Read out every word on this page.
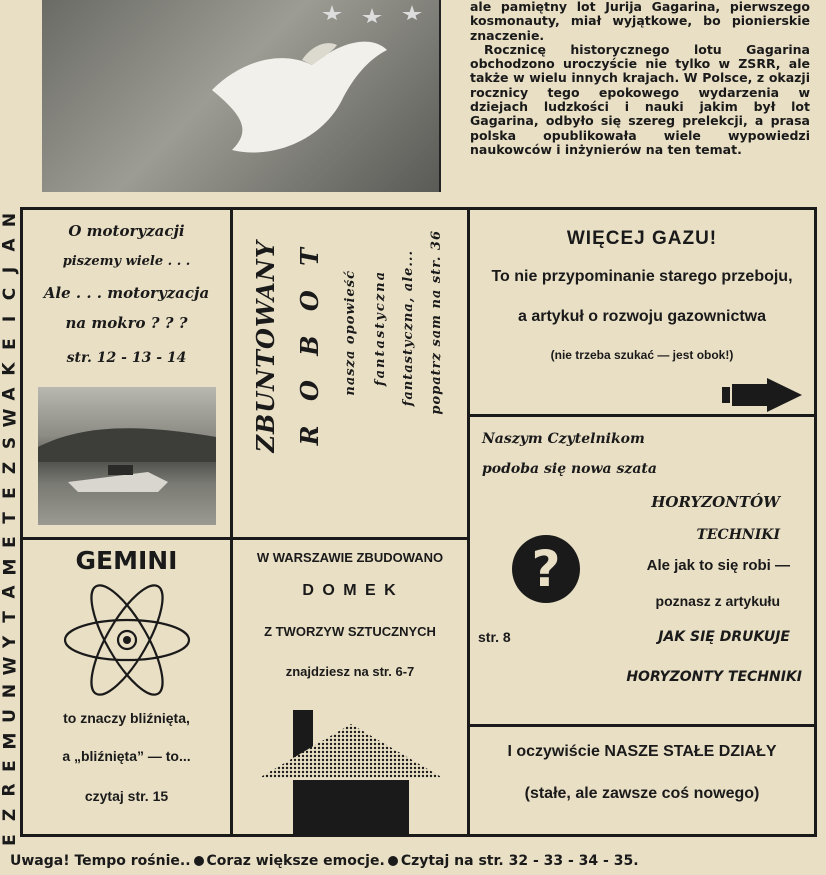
ale pamiętny lot Jurija Gagarina, pierwszego kosmonauty, miał wyjątkowe, bo pionierskie znaczenie.

Rocznicę historycznego lotu Gagarina obchodzono uroczyście nie tylko w ZSRR, ale także w wielu innych krajach. W Polsce, z okazji rocznicy tego epokowego wydarzenia w dziejach ludzkości i nauki jakim był lot Gagarina, odbyło się szereg prelekcji, a prasa polska opublikowała wiele wypowiedzi naukowców i inżynierów na ten temat.

N
A
J
C
I
E
K
A
W
S
Z
E
T
E
M
A
T
Y
W
N
U
M
E
R
Z
E
O motoryzacji
piszemy wiele . . .
Ale . . . motoryzacja
na mokro ? ? ?
str. 12 - 13 - 14	ZBUNTOWANY R O B O T nasza opowieść fantastyczna fantastyczna, ale... popatrz sam na str. 36	WIĘCEJ GAZU!
To nie przypominanie starego przeboju,
a artykuł o rozwoju gazownictwa
(nie trzeba szukać — jest obok!)
Naszym Czytelnikom
podoba się nowa szata
HORYZONTÓW
TECHNIKI
?	Ale jak to się robi —
poznasz z artykułu
str. 8	JAK SIĘ DRUKUJE
HORYZONTY TECHNIKI
GEMINI
to znaczy bliźnięta,
a „bliźnięta” — to...
czytaj str. 15
W WARSZAWIE ZBUDOWANO
D O M E K
Z TWORZYW SZTUCZNYCH
znajdziesz na str. 6-7
I oczywiście NASZE STAŁE DZIAŁY
(stałe, ale zawsze coś nowego)
Uwaga! Tempo rośnie.. Coraz większe emocje. Czytaj na str. 32 - 33 - 34 - 35.
